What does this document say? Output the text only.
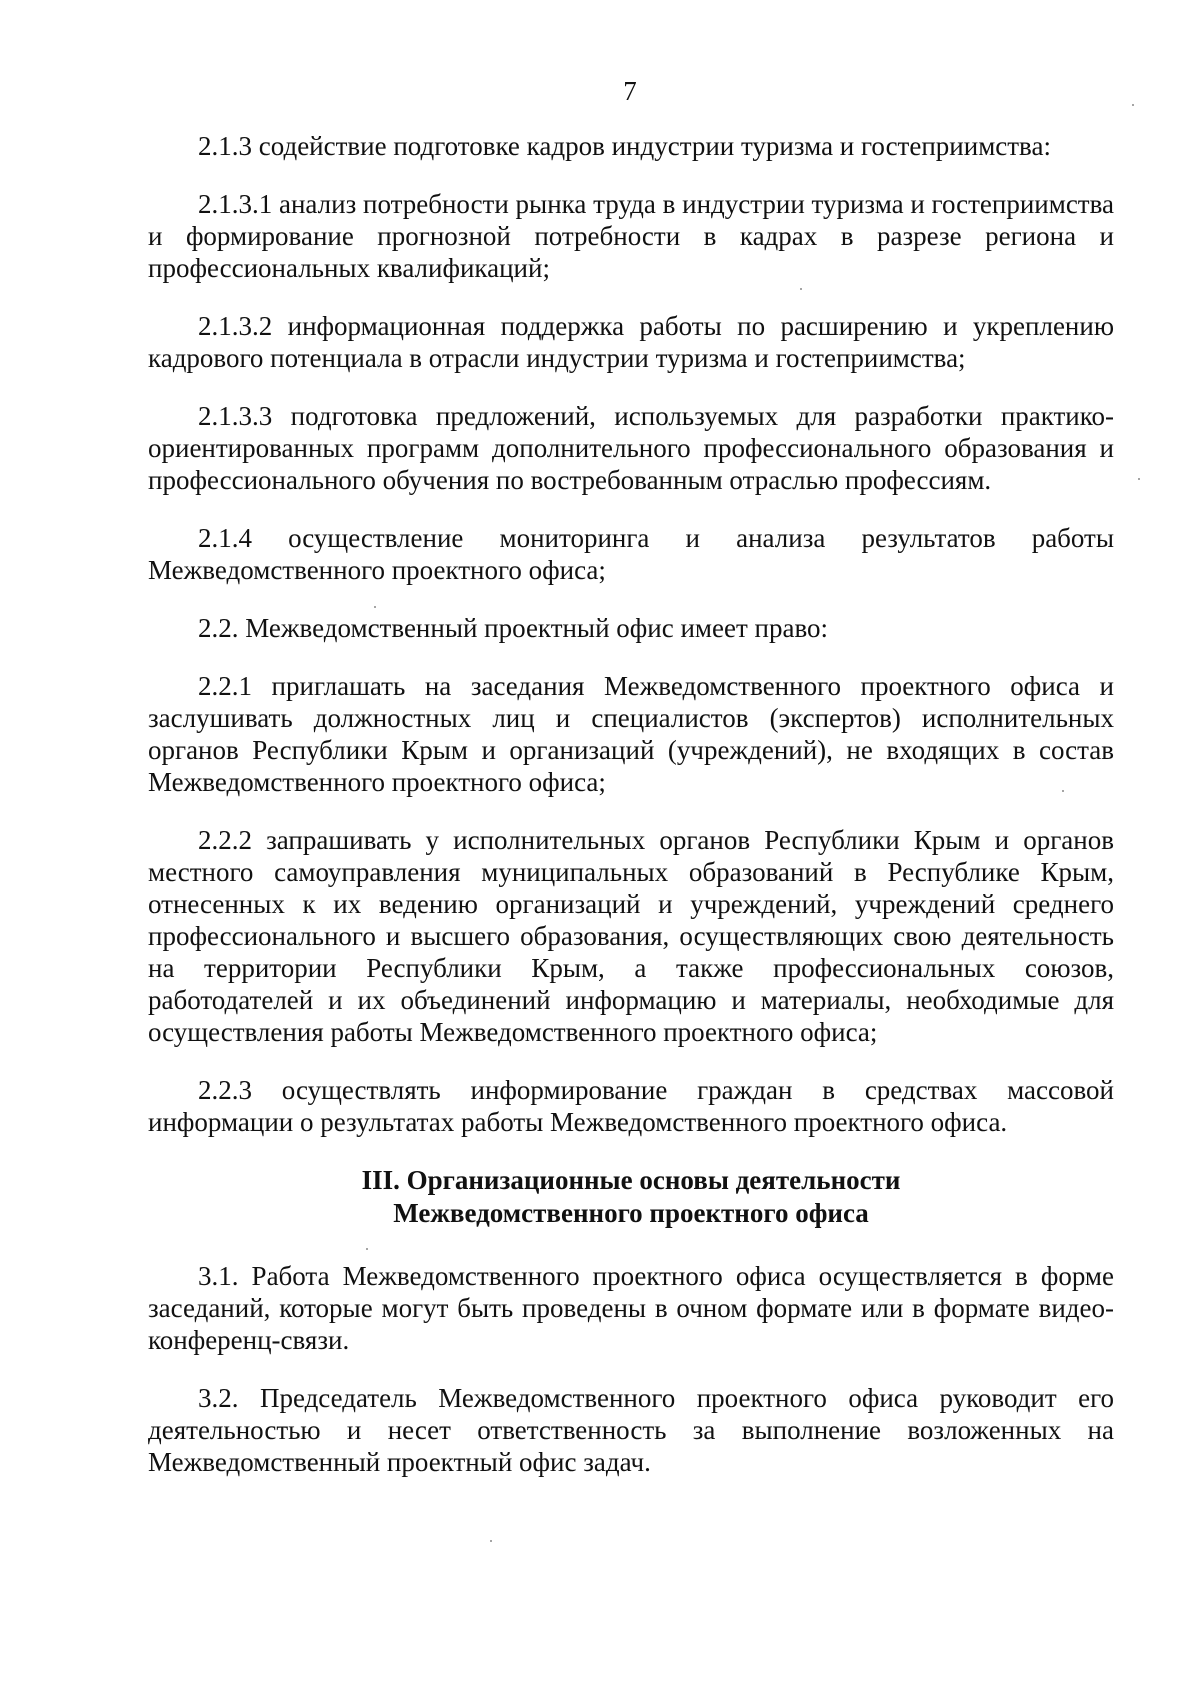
7

2.1.3 содействие подготовке кадров индустрии туризма и гостеприимства:

2.1.3.1 анализ потребности рынка труда в индустрии туризма и гостеприимства и формирование прогнозной потребности в кадрах в разрезе региона и профессиональных квалификаций;

2.1.3.2 информационная поддержка работы по расширению и укреплению кадрового потенциала в отрасли индустрии туризма и гостеприимства;

2.1.3.3 подготовка предложений, используемых для разработки практико-ориентированных программ дополнительного профессионального образования и профессионального обучения по востребованным отраслью профессиям.

2.1.4 осуществление мониторинга и анализа результатов работы Межведомственного проектного офиса;

2.2. Межведомственный проектный офис имеет право:

2.2.1 приглашать на заседания Межведомственного проектного офиса и заслушивать должностных лиц и специалистов (экспертов) исполнительных органов Республики Крым и организаций (учреждений), не входящих в состав Межведомственного проектного офиса;

2.2.2 запрашивать у исполнительных органов Республики Крым и органов местного самоуправления муниципальных образований в Республике Крым, отнесенных к их ведению организаций и учреждений, учреждений среднего профессионального и высшего образования, осуществляющих свою деятельность на территории Республики Крым, а также профессиональных союзов, работодателей и их объединений информацию и материалы, необходимые для осуществления работы Межведомственного проектного офиса;

2.2.3 осуществлять информирование граждан в средствах массовой информации о результатах работы Межведомственного проектного офиса.

III. Организационные основы деятельности
Межведомственного проектного офиса

3.1. Работа Межведомственного проектного офиса осуществляется в форме заседаний, которые могут быть проведены в очном формате или в формате видео-конференц-связи.

3.2. Председатель Межведомственного проектного офиса руководит его деятельностью и несет ответственность за выполнение возложенных на Межведомственный проектный офис задач.
